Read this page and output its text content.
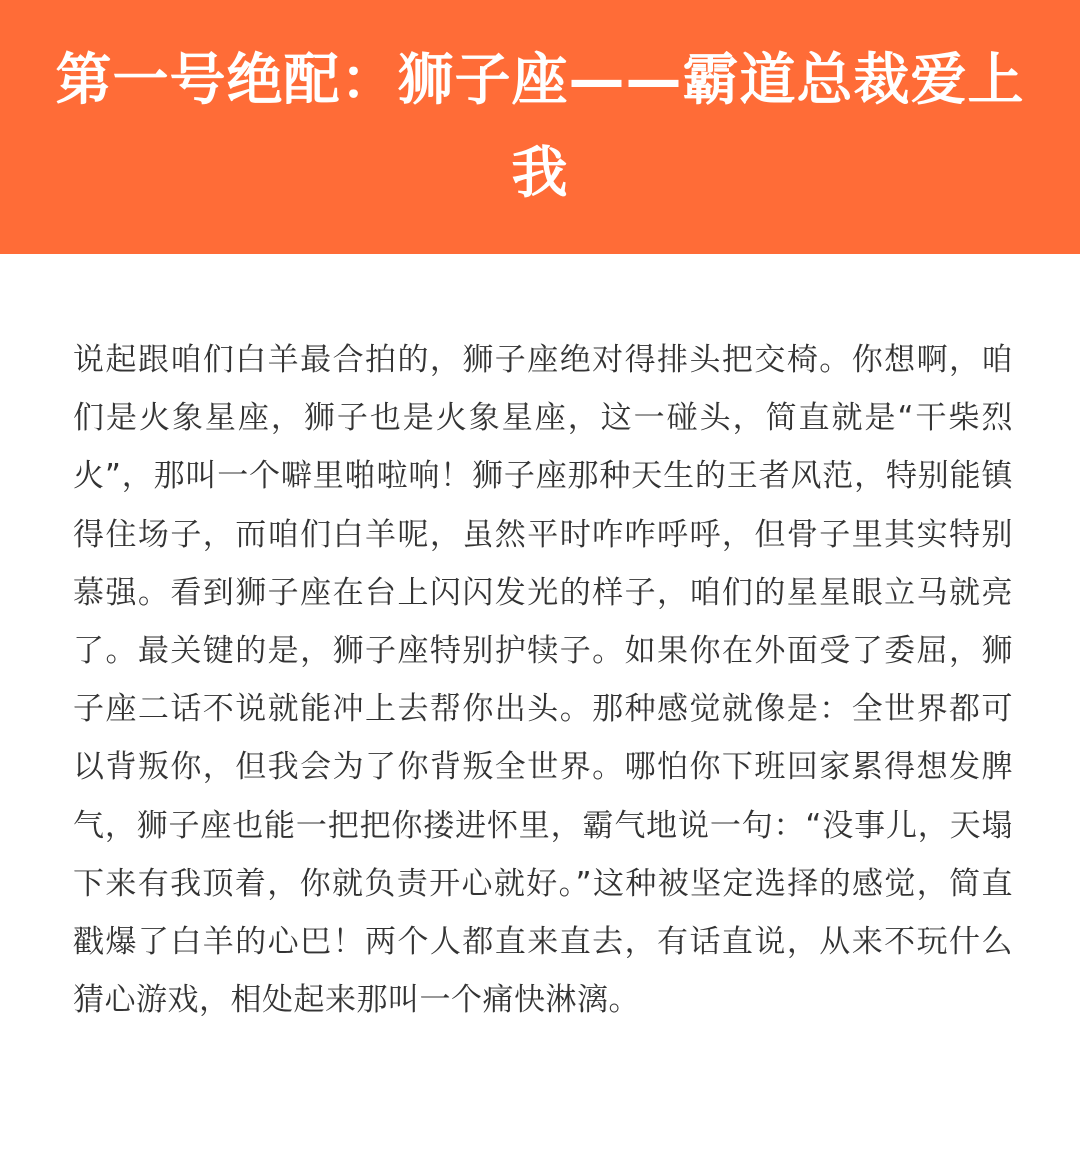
第一号绝配：狮子座——霸道总裁爱上我

说起跟咱们白羊最合拍的，狮子座绝对得排头把交椅。你想啊，咱们是火象星座，狮子也是火象星座，这一碰头，简直就是“干柴烈火”，那叫一个噼里啪啦响！狮子座那种天生的王者风范，特别能镇得住场子，而咱们白羊呢，虽然平时咋咋呼呼，但骨子里其实特别慕强。看到狮子座在台上闪闪发光的样子，咱们的星星眼立马就亮了。最关键的是，狮子座特别护犊子。如果你在外面受了委屈，狮子座二话不说就能冲上去帮你出头。那种感觉就像是：全世界都可以背叛你，但我会为了你背叛全世界。哪怕你下班回家累得想发脾气，狮子座也能一把把你搂进怀里，霸气地说一句：“没事儿，天塌下来有我顶着，你就负责开心就好。”这种被坚定选择的感觉，简直戳爆了白羊的心巴！两个人都直来直去，有话直说，从来不玩什么猜心游戏，相处起来那叫一个痛快淋漓。
